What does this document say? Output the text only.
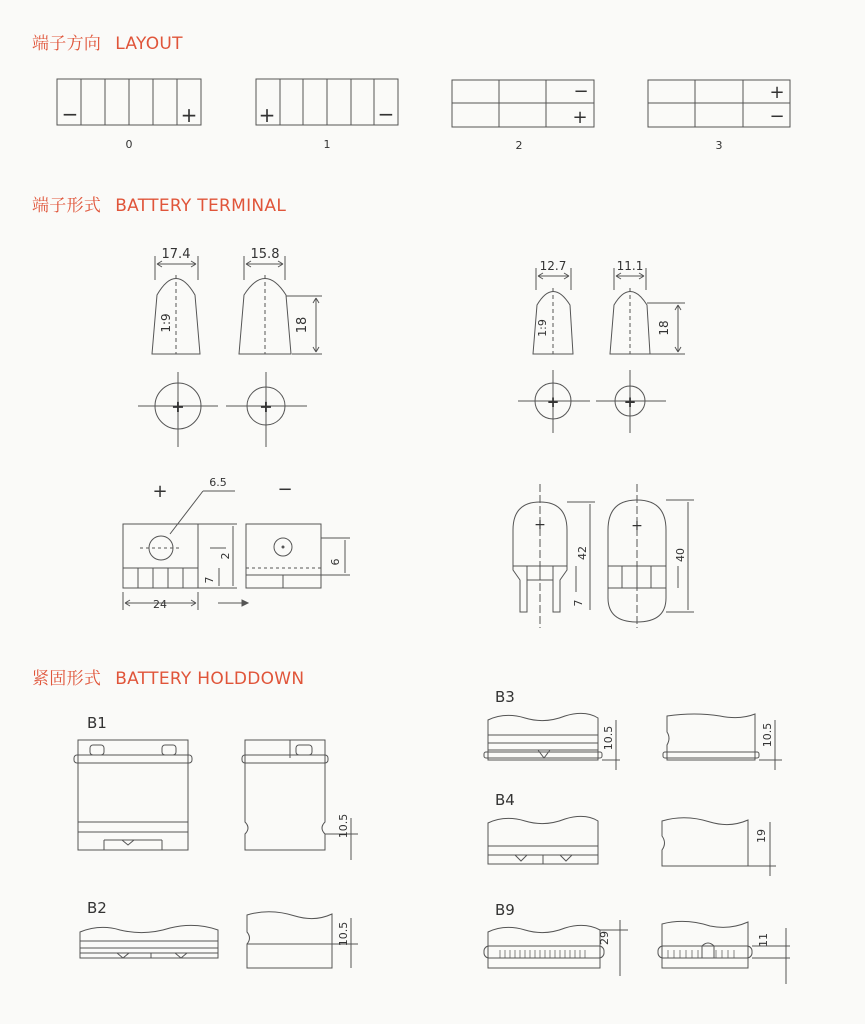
端子方向 LAYOUT
端子形式 BATTERY TERMINAL
紧固形式 BATTERY HOLDDOWN
−	+
0
+	−
1
−
+
2
+
−
3
17.4
1:9
15.8
18
+	+
12.7
1:9
11.1
18
+	+
+	−
6.5
7
2
24
6
+
42
7
+
40
B1
10.5
B2
10.5
B3
10.5	10.5
B4
19
B9
29	11
